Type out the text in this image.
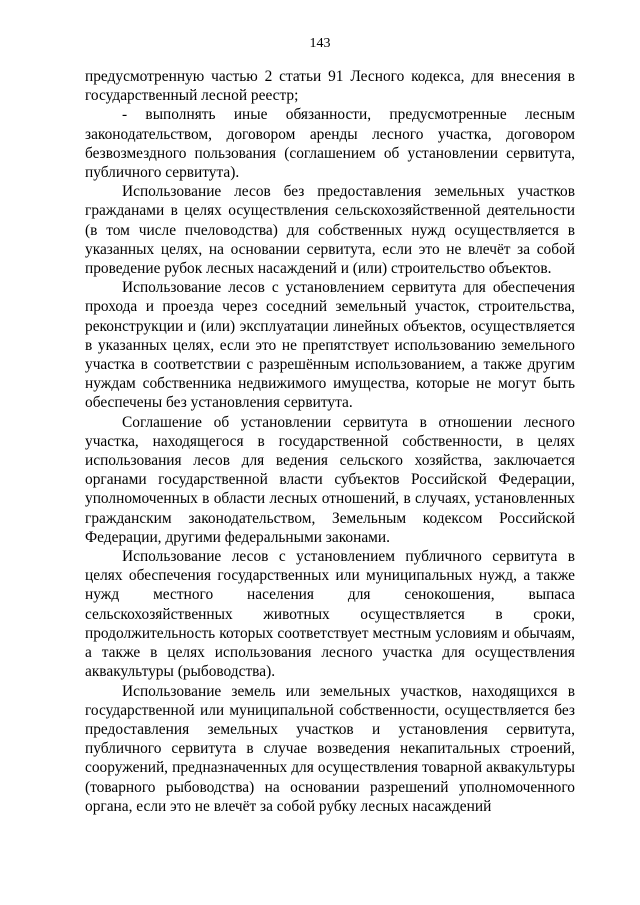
143

предусмотренную частью 2 статьи 91 Лесного кодекса, для внесения в государственный лесной реестр;

- выполнять иные обязанности, предусмотренные лесным законодательством, договором аренды лесного участка, договором безвозмездного пользования (соглашением об установлении сервитута, публичного сервитута).

Использование лесов без предоставления земельных участков гражданами в целях осуществления сельскохозяйственной деятельности (в том числе пчеловодства) для собственных нужд осуществляется в указанных целях, на основании сервитута, если это не влечёт за собой проведение рубок лесных насаждений и (или) строительство объектов.

Использование лесов с установлением сервитута для обеспечения прохода и проезда через соседний земельный участок, строительства, реконструкции и (или) эксплуатации линейных объектов, осуществляется в указанных целях, если это не препятствует использованию земельного участка в соответствии с разрешённым использованием, а также другим нуждам собственника недвижимого имущества, которые не могут быть обеспечены без установления сервитута.

Соглашение об установлении сервитута в отношении лесного участка, находящегося в государственной собственности, в целях использования лесов для ведения сельского хозяйства, заключается органами государственной власти субъектов Российской Федерации, уполномоченных в области лесных отношений, в случаях, установленных гражданским законодательством, Земельным кодексом Российской Федерации, другими федеральными законами.

Использование лесов с установлением публичного сервитута в целях обеспечения государственных или муниципальных нужд, а также нужд местного населения для сенокошения, выпаса сельскохозяйственных животных осуществляется в сроки, продолжительность которых соответствует местным условиям и обычаям, а также в целях использования лесного участка для осуществления аквакультуры (рыбоводства).

Использование земель или земельных участков, находящихся в государственной или муниципальной собственности, осуществляется без предоставления земельных участков и установления сервитута, публичного сервитута в случае возведения некапитальных строений, сооружений, предназначенных для осуществления товарной аквакультуры (товарного рыбоводства) на основании разрешений уполномоченного органа, если это не влечёт за собой рубку лесных насаждений
